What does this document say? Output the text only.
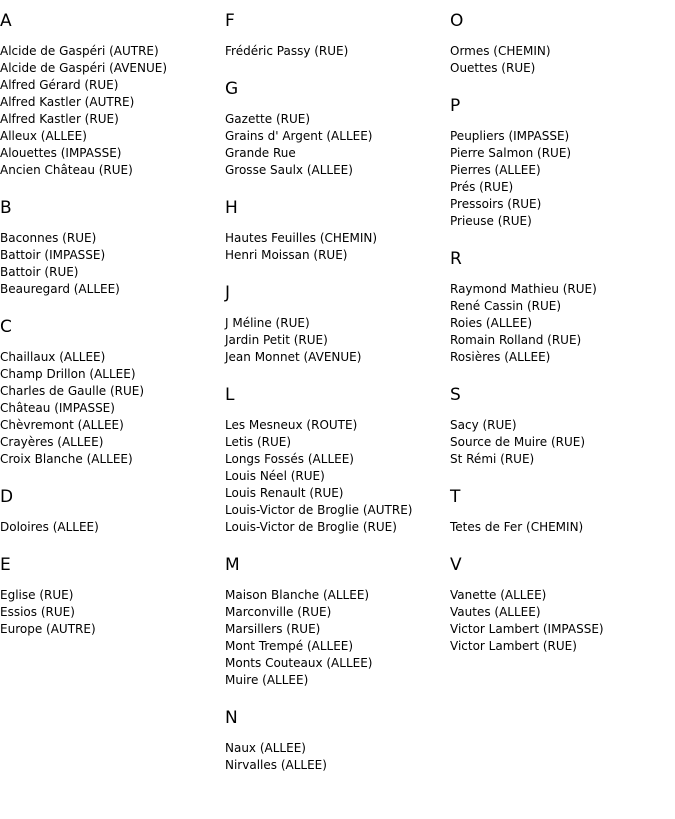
A
Alcide de Gaspéri (AUTRE)
Alcide de Gaspéri (AVENUE)
Alfred Gérard (RUE)
Alfred Kastler (AUTRE)
Alfred Kastler (RUE)
Alleux (ALLEE)
Alouettes (IMPASSE)
Ancien Château (RUE)
B
Baconnes (RUE)
Battoir (IMPASSE)
Battoir (RUE)
Beauregard (ALLEE)
C
Chaillaux (ALLEE)
Champ Drillon (ALLEE)
Charles de Gaulle (RUE)
Château (IMPASSE)
Chèvremont (ALLEE)
Crayères (ALLEE)
Croix Blanche (ALLEE)
D
Doloires (ALLEE)
E
Eglise (RUE)
Essios (RUE)
Europe (AUTRE)
F
Frédéric Passy (RUE)
G
Gazette (RUE)
Grains d' Argent (ALLEE)
Grande Rue
Grosse Saulx (ALLEE)
H
Hautes Feuilles (CHEMIN)
Henri Moissan (RUE)
J
J Méline (RUE)
Jardin Petit (RUE)
Jean Monnet (AVENUE)
L
Les Mesneux (ROUTE)
Letis (RUE)
Longs Fossés (ALLEE)
Louis Néel (RUE)
Louis Renault (RUE)
Louis-Victor de Broglie (AUTRE)
Louis-Victor de Broglie (RUE)
M
Maison Blanche (ALLEE)
Marconville (RUE)
Marsillers (RUE)
Mont Trempé (ALLEE)
Monts Couteaux (ALLEE)
Muire (ALLEE)
N
Naux (ALLEE)
Nirvalles (ALLEE)
O
Ormes (CHEMIN)
Ouettes (RUE)
P
Peupliers (IMPASSE)
Pierre Salmon (RUE)
Pierres (ALLEE)
Prés (RUE)
Pressoirs (RUE)
Prieuse (RUE)
R
Raymond Mathieu (RUE)
René Cassin (RUE)
Roies (ALLEE)
Romain Rolland (RUE)
Rosières (ALLEE)
S
Sacy (RUE)
Source de Muire (RUE)
St Rémi (RUE)
T
Tetes de Fer (CHEMIN)
V
Vanette (ALLEE)
Vautes (ALLEE)
Victor Lambert (IMPASSE)
Victor Lambert (RUE)
